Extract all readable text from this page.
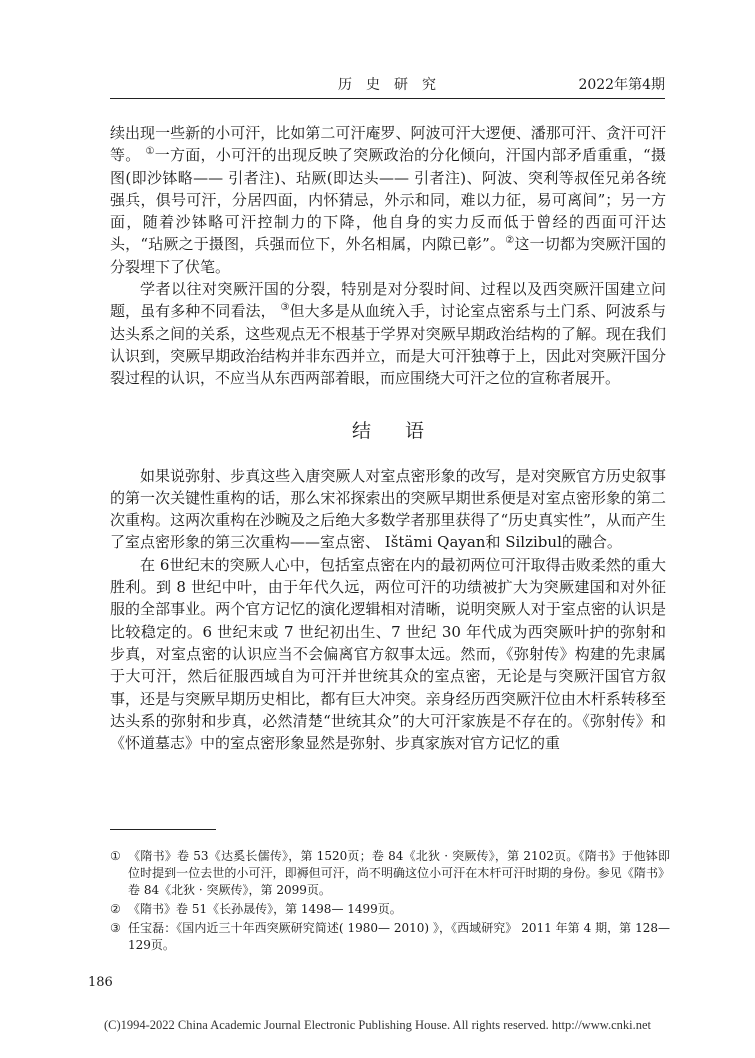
历史研究	2022年第4期

续出现一些新的小可汗，比如第二可汗庵罗、阿波可汗大逻便、潘那可汗、贪汗可汗等。 ①一方面，小可汗的出现反映了突厥政治的分化倾向，汗国内部矛盾重重，“摄图(即沙钵略—— 引者注)、玷厥(即达头—— 引者注)、阿波、突利等叔侄兄弟各统强兵，俱号可汗，分居四面，内怀猜忌，外示和同，难以力征，易可离间”；另一方面，随着沙钵略可汗控制力的下降，他自身的实力反而低于曾经的西面可汗达头，“玷厥之于摄图，兵强而位下，外名相属，内隙已彰”。②这一切都为突厥汗国的分裂埋下了伏笔。

学者以往对突厥汗国的分裂，特别是对分裂时间、过程以及西突厥汗国建立问题，虽有多种不同看法， ③但大多是从血统入手，讨论室点密系与土门系、阿波系与达头系之间的关系，这些观点无不根基于学界对突厥早期政治结构的了解。现在我们认识到，突厥早期政治结构并非东西并立，而是大可汗独尊于上，因此对突厥汗国分裂过程的认识，不应当从东西两部着眼，而应围绕大可汗之位的宣称者展开。

结语

如果说弥射、步真这些入唐突厥人对室点密形象的改写，是对突厥官方历史叙事的第一次关键性重构的话，那么宋祁探索出的突厥早期世系便是对室点密形象的第二次重构。这两次重构在沙畹及之后绝大多数学者那里获得了“历史真实性”，从而产生了室点密形象的第三次重构——室点密、 Ištämi Qayan和 Silzibul的融合。

在 6世纪末的突厥人心中，包括室点密在内的最初两位可汗取得击败柔然的重大胜利。到 8 世纪中叶，由于年代久远，两位可汗的功绩被扩大为突厥建国和对外征服的全部事业。两个官方记忆的演化逻辑相对清晰，说明突厥人对于室点密的认识是比较稳定的。6 世纪末或 7 世纪初出生、7 世纪 30 年代成为西突厥叶护的弥射和步真，对室点密的认识应当不会偏离官方叙事太远。然而，《弥射传》构建的先隶属于大可汗，然后征服西域自为可汗并世统其众的室点密，无论是与突厥汗国官方叙事，还是与突厥早期历史相比，都有巨大冲突。亲身经历西突厥汗位由木杆系转移至达头系的弥射和步真，必然清楚“世统其众”的大可汗家族是不存在的。《弥射传》和《怀道墓志》中的室点密形象显然是弥射、步真家族对官方记忆的重

① 《隋书》卷 53《达奚长儒传》，第 1520页；卷 84《北狄 · 突厥传》，第 2102页。《隋书》于他钵即位时提到一位去世的小可汗，即褥但可汗，尚不明确这位小可汗在木杆可汗时期的身份。参见《隋书》卷 84《北狄 · 突厥传》，第 2099页。

② 《隋书》卷 51《长孙晟传》，第 1498— 1499页。

③ 任宝磊：《国内近三十年西突厥研究简述( 1980— 2010) 》，《西域研究》 2011 年第 4 期，第 128— 129页。

186
(C)1994-2022 China Academic Journal Electronic Publishing House. All rights reserved. http://www.cnki.net
